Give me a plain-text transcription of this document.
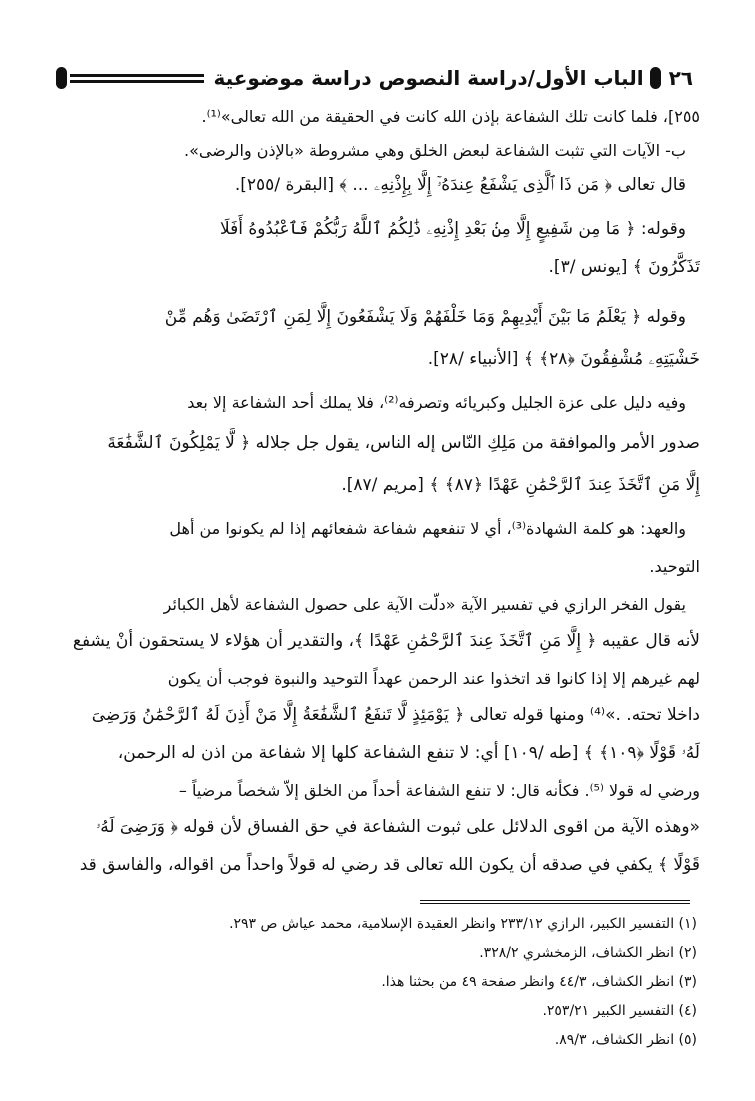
الباب الأول/دراسة النصوص دراسة موضوعية	٢٦
٢٥٥]، فلما كانت تلك الشفاعة بإذن الله كانت في الحقيقة من الله تعالى»⁽¹⁾.
ب- الآيات التي تثبت الشفاعة لبعض الخلق وهي مشروطة «بالإذن والرضى».
قال تعالى ﴿ مَن ذَا ٱلَّذِى يَشْفَعُ عِندَهُۥٓ إِلَّا بِإِذْنِهِۦ ... ﴾ [البقرة /٢٥٥].
وقوله: ﴿ مَا مِن شَفِيعٍ إِلَّا مِنۢ بَعْدِ إِذْنِهِۦ ذَٰلِكُمُ ٱللَّهُ رَبُّكُمْ فَٱعْبُدُوهُ أَفَلَا
تَذَكَّرُونَ ﴾ [يونس /٣].
وقوله ﴿ يَعْلَمُ مَا بَيْنَ أَيْدِيهِمْ وَمَا خَلْفَهُمْ وَلَا يَشْفَعُونَ إِلَّا لِمَنِ ٱرْتَضَىٰ وَهُم مِّنْ
خَشْيَتِهِۦ مُشْفِقُونَ ﴿٢٨﴾ ﴾ [الأنبياء /٢٨].
وفيه دليل على عزة الجليل وكبريائه وتصرفه⁽²⁾، فلا يملك أحد الشفاعة إلا بعد
صدور الأمر والموافقة من مَلِكِ النّاس إله الناس، يقول جل جلاله ﴿ لَّا يَمْلِكُونَ ٱلشَّفَٰعَةَ
إِلَّا مَنِ ٱتَّخَذَ عِندَ ٱلرَّحْمَٰنِ عَهْدًا ﴿٨٧﴾ ﴾ [مريم /٨٧].
والعهد: هو كلمة الشهادة⁽³⁾، أي لا تنفعهم شفاعة شفعائهم إذا لم يكونوا من أهل
التوحيد.
يقول الفخر الرازي في تفسير الآية «دلّت الآية على حصول الشفاعة لأهل الكبائر
لأنه قال عقيبه ﴿ إِلَّا مَنِ ٱتَّخَذَ عِندَ ٱلرَّحْمَٰنِ عَهْدًا ﴾، والتقدير أن هؤلاء لا يستحقون أنْ يشفع
لهم غيرهم إلا إذا كانوا قد اتخذوا عند الرحمن عهداً التوحيد والنبوة فوجب أن يكون
داخلا تحته. .»⁽⁴⁾ ومنها قوله تعالى ﴿ يَوْمَئِذٍ لَّا تَنفَعُ ٱلشَّفَٰعَةُ إِلَّا مَنْ أَذِنَ لَهُ ٱلرَّحْمَٰنُ وَرَضِىَ
لَهُۥ قَوْلًا ﴿١٠٩﴾ ﴾ [طه /١٠٩] أي: لا تنفع الشفاعة كلها إلا شفاعة من اذن له الرحمن،
ورضي له قولا ⁽⁵⁾. فكأنه قال: لا تنفع الشفاعة أحداً من الخلق إلاّ شخصاً مرضياً –
«وهذه الآية من اقوى الدلائل على ثبوت الشفاعة في حق الفساق لأن قوله ﴿ وَرَضِىَ لَهُۥ
قَوْلًا ﴾ يكفي في صدقه أن يكون الله تعالى قد رضي له قولاً واحداً من اقواله، والفاسق قد
(١) التفسير الكبير، الرازي ٢٣٣/١٢ وانظر العقيدة الإسلامية، محمد عياش ص ٢٩٣.
(٢) انظر الكشاف، الزمخشري ٣٢٨/٢.
(٣) انظر الكشاف، ٤٤/٣ وانظر صفحة ٤٩ من بحثنا هذا.
(٤) التفسير الكبير ٢٥٣/٢١.
(٥) انظر الكشاف، ٨٩/٣.
